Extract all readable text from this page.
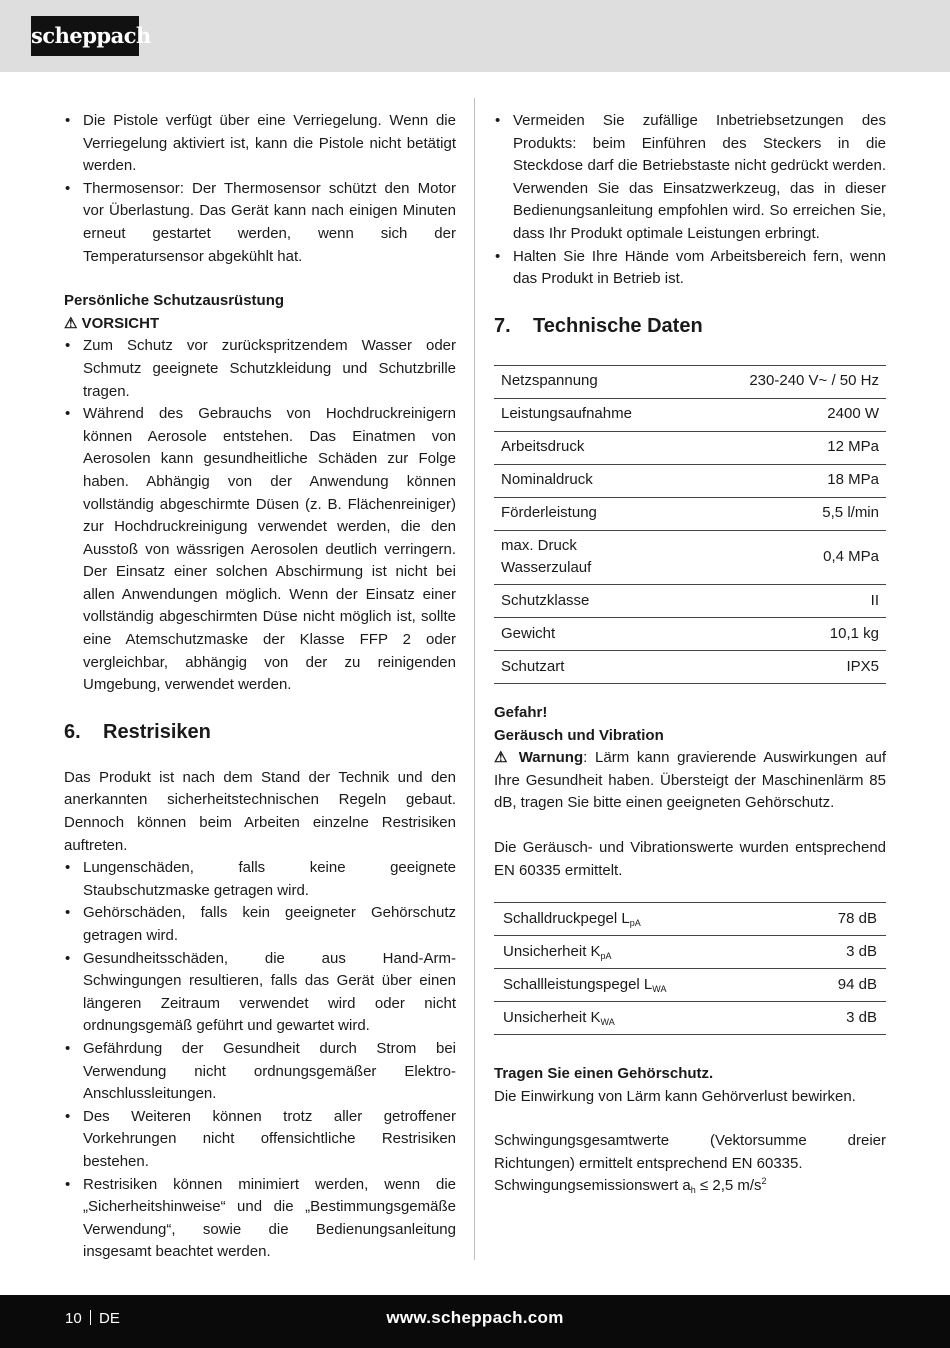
scheppach
• Die Pistole verfügt über eine Verriegelung. Wenn die Verriegelung aktiviert ist, kann die Pistole nicht betätigt werden.
• Thermosensor: Der Thermosensor schützt den Motor vor Überlastung. Das Gerät kann nach einigen Minuten erneut gestartet werden, wenn sich der Temperatursensor abgekühlt hat.

Persönliche Schutzausrüstung

⚠ VORSICHT

• Zum Schutz vor zurückspritzendem Wasser oder Schmutz geeignete Schutzkleidung und Schutzbrille tragen.
• Während des Gebrauchs von Hochdruckreinigern können Aerosole entstehen. Das Einatmen von Aerosolen kann gesundheitliche Schäden zur Folge haben. Abhängig von der Anwendung können vollständig abgeschirmte Düsen (z. B. Flächenreiniger) zur Hochdruckreinigung verwendet werden, die den Ausstoß von wässrigen Aerosolen deutlich verringern. Der Einsatz einer solchen Abschirmung ist nicht bei allen Anwendungen möglich. Wenn der Einsatz einer vollständig abgeschirmten Düse nicht möglich ist, sollte eine Atemschutzmaske der Klasse FFP 2 oder vergleichbar, abhängig von der zu reinigenden Umgebung, verwendet werden.
6. Restrisiken

Das Produkt ist nach dem Stand der Technik und den anerkannten sicherheitstechnischen Regeln gebaut. Dennoch können beim Arbeiten einzelne Restrisiken auftreten.

• Lungenschäden, falls keine geeignete Staubschutzmaske getragen wird.
• Gehörschäden, falls kein geeigneter Gehörschutz getragen wird.
• Gesundheitsschäden, die aus Hand-Arm- Schwingungen resultieren, falls das Gerät über einen längeren Zeitraum verwendet wird oder nicht ordnungsgemäß geführt und gewartet wird.
• Gefährdung der Gesundheit durch Strom bei Verwendung nicht ordnungsgemäßer Elektro-Anschlussleitungen.
• Des Weiteren können trotz aller getroffener Vorkehrungen nicht offensichtliche Restrisiken bestehen.
• Restrisiken können minimiert werden, wenn die „Sicherheitshinweise“ und die „Bestimmungsgemäße Verwendung“, sowie die Bedienungsanleitung insgesamt beachtet werden.
• Vermeiden Sie zufällige Inbetriebsetzungen des Produkts: beim Einführen des Steckers in die Steckdose darf die Betriebstaste nicht gedrückt werden. Verwenden Sie das Einsatzwerkzeug, das in dieser Bedienungsanleitung empfohlen wird. So erreichen Sie, dass Ihr Produkt optimale Leistungen erbringt.
• Halten Sie Ihre Hände vom Arbeitsbereich fern, wenn das Produkt in Betrieb ist.
7. Technische Daten
Netzspannung	230-240 V~ / 50 Hz
Leistungsaufnahme	2400 W
Arbeitsdruck	12 MPa
Nominaldruck	18 MPa
Förderleistung	5,5 l/min
max. Druck Wasserzulauf	0,4 MPa
Schutzklasse	II
Gewicht	10,1 kg
Schutzart	IPX5

Gefahr!

Geräusch und Vibration

⚠ Warnung: Lärm kann gravierende Auswirkungen auf Ihre Gesundheit haben. Übersteigt der Maschinenlärm 85 dB, tragen Sie bitte einen geeigneten Gehörschutz.

Die Geräusch- und Vibrationswerte wurden entsprechend EN 60335 ermittelt.

Schalldruckpegel $L_{pA}$	78 dB
Unsicherheit $K_{pA}$	3 dB
Schallleistungspegel $L_{WA}$	94 dB
Unsicherheit $K_{WA}$	3 dB

Tragen Sie einen Gehörschutz.

Die Einwirkung von Lärm kann Gehörverlust bewirken.

Schwingungsgesamtwerte (Vektorsumme dreier Richtungen) ermittelt entsprechend EN 60335.

Schwingungsemissionswert $a_h \le 2,5$ $m/s^2$

10 DE	www.scheppach.com
